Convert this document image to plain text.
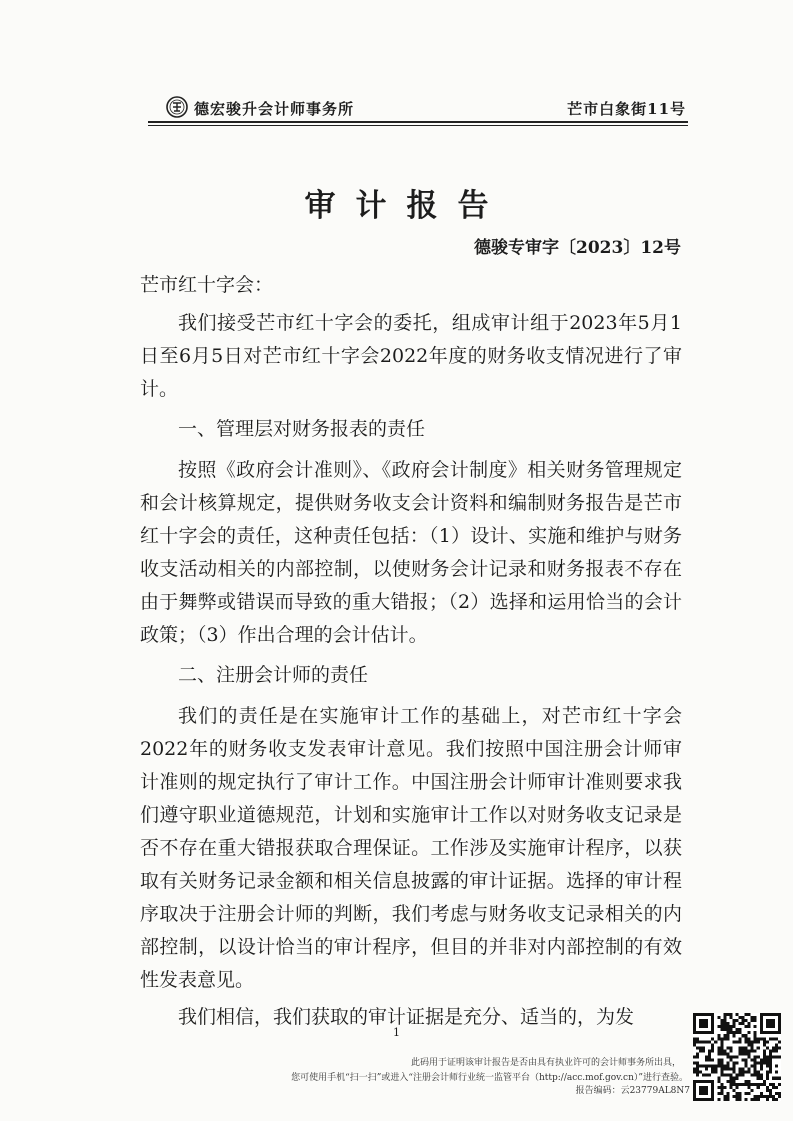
德宏骏升会计师事务所	芒市白象街11号
审计报告
德骏专审字〔2023〕12号
芒市红十字会：

我们接受芒市红十字会的委托，组成审计组于2023年5月1日至6月5日对芒市红十字会2022年度的财务收支情况进行了审计。

一、管理层对财务报表的责任

按照《政府会计准则》、《政府会计制度》相关财务管理规定和会计核算规定，提供财务收支会计资料和编制财务报告是芒市红十字会的责任，这种责任包括：（1）设计、实施和维护与财务收支活动相关的内部控制，以使财务会计记录和财务报表不存在由于舞弊或错误而导致的重大错报；（2）选择和运用恰当的会计政策；（3）作出合理的会计估计。

二、注册会计师的责任

我们的责任是在实施审计工作的基础上，对芒市红十字会2022年的财务收支发表审计意见。我们按照中国注册会计师审计准则的规定执行了审计工作。中国注册会计师审计准则要求我们遵守职业道德规范，计划和实施审计工作以对财务收支记录是否不存在重大错报获取合理保证。工作涉及实施审计程序，以获取有关财务记录金额和相关信息披露的审计证据。选择的审计程序取决于注册会计师的判断，我们考虑与财务收支记录相关的内部控制，以设计恰当的审计程序，但目的并非对内部控制的有效性发表意见。

我们相信，我们获取的审计证据是充分、适当的，为发

1
此码用于证明该审计报告是否由具有执业许可的会计师事务所出具，
您可使用手机“扫一扫”或进入“注册会计师行业统一监管平台（http://acc.mof.gov.cn）”进行查验。
报告编码：云23779AL8N7
